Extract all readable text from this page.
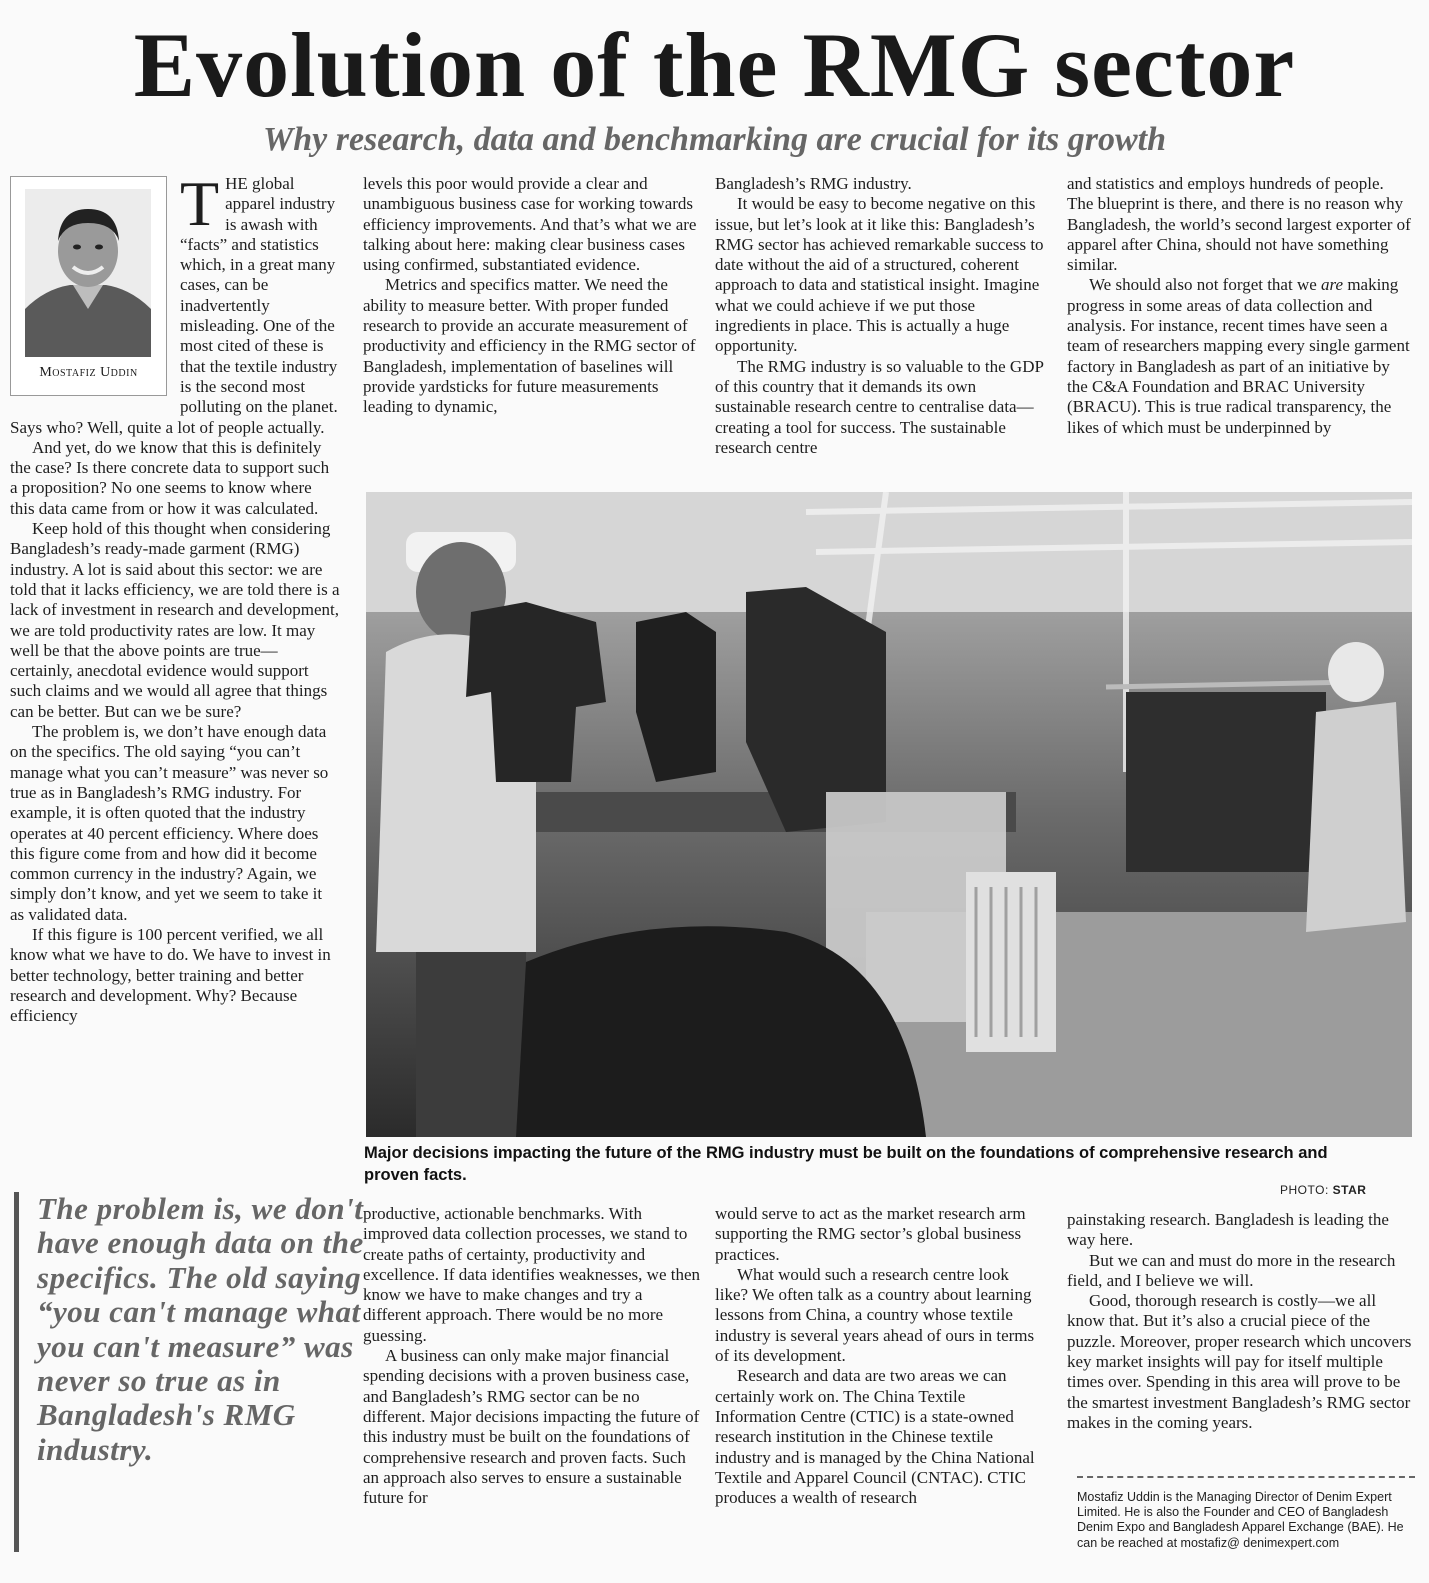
Evolution of the RMG sector
Why research, data and benchmarking are crucial for its growth
Mostafiz Uddin

THE global apparel industry is awash with “facts” and statistics which, in a great many cases, can be inadvertently misleading. One of the most cited of these is that the textile industry is the second most polluting on the planet. Says who? Well, quite a lot of people actually.

And yet, do we know that this is definitely the case? Is there concrete data to support such a proposition? No one seems to know where this data came from or how it was calculated.

Keep hold of this thought when considering Bangladesh’s ready-made garment (RMG) industry. A lot is said about this sector: we are told that it lacks efficiency, we are told there is a lack of investment in research and development, we are told productivity rates are low. It may well be that the above points are true—certainly, anecdotal evidence would support such claims and we would all agree that things can be better. But can we be sure?

The problem is, we don’t have enough data on the specifics. The old saying “you can’t manage what you can’t measure” was never so true as in Bangladesh’s RMG industry. For example, it is often quoted that the industry operates at 40 percent efficiency. Where does this figure come from and how did it become common currency in the industry? Again, we simply don’t know, and yet we seem to take it as validated data.

If this figure is 100 percent verified, we all know what we have to do. We have to invest in better technology, better training and better research and development. Why? Because efficiency

levels this poor would provide a clear and unambiguous business case for working towards efficiency improvements. And that’s what we are talking about here: making clear business cases using confirmed, substantiated evidence.

Metrics and specifics matter. We need the ability to measure better. With proper funded research to provide an accurate measurement of productivity and efficiency in the RMG sector of Bangladesh, implementation of baselines will provide yardsticks for future measurements leading to dynamic,

Bangladesh’s RMG industry.

It would be easy to become negative on this issue, but let’s look at it like this: Bangladesh’s RMG sector has achieved remarkable success to date without the aid of a structured, coherent approach to data and statistical insight. Imagine what we could achieve if we put those ingredients in place. This is actually a huge opportunity.

The RMG industry is so valuable to the GDP of this country that it demands its own sustainable research centre to centralise data—creating a tool for success. The sustainable research centre

and statistics and employs hundreds of people. The blueprint is there, and there is no reason why Bangladesh, the world’s second largest exporter of apparel after China, should not have something similar.

We should also not forget that we are making progress in some areas of data collection and analysis. For instance, recent times have seen a team of researchers mapping every single garment factory in Bangladesh as part of an initiative by the C&A Foundation and BRAC University (BRACU). This is true radical transparency, the likes of which must be underpinned by

Major decisions impacting the future of the RMG industry must be built on the foundations of comprehensive research and proven facts.
PHOTO: STAR
The problem is, we don't have enough data on the specifics. The old saying “you can't manage what you can't measure” was never so true as in Bangladesh's RMG industry.

productive, actionable benchmarks. With improved data collection processes, we stand to create paths of certainty, productivity and excellence. If data identifies weaknesses, we then know we have to make changes and try a different approach. There would be no more guessing.

A business can only make major financial spending decisions with a proven business case, and Bangladesh’s RMG sector can be no different. Major decisions impacting the future of this industry must be built on the foundations of comprehensive research and proven facts. Such an approach also serves to ensure a sustainable future for

would serve to act as the market research arm supporting the RMG sector’s global business practices.

What would such a research centre look like? We often talk as a country about learning lessons from China, a country whose textile industry is several years ahead of ours in terms of its development.

Research and data are two areas we can certainly work on. The China Textile Information Centre (CTIC) is a state-owned research institution in the Chinese textile industry and is managed by the China National Textile and Apparel Council (CNTAC). CTIC produces a wealth of research

painstaking research. Bangladesh is leading the way here.

But we can and must do more in the research field, and I believe we will.

Good, thorough research is costly—we all know that. But it’s also a crucial piece of the puzzle. Moreover, proper research which uncovers key market insights will pay for itself multiple times over. Spending in this area will prove to be the smartest investment Bangladesh’s RMG sector makes in the coming years.

Mostafiz Uddin is the Managing Director of Denim Expert Limited. He is also the Founder and CEO of Bangladesh Denim Expo and Bangladesh Apparel Exchange (BAE). He can be reached at mostafiz@ denimexpert.com
